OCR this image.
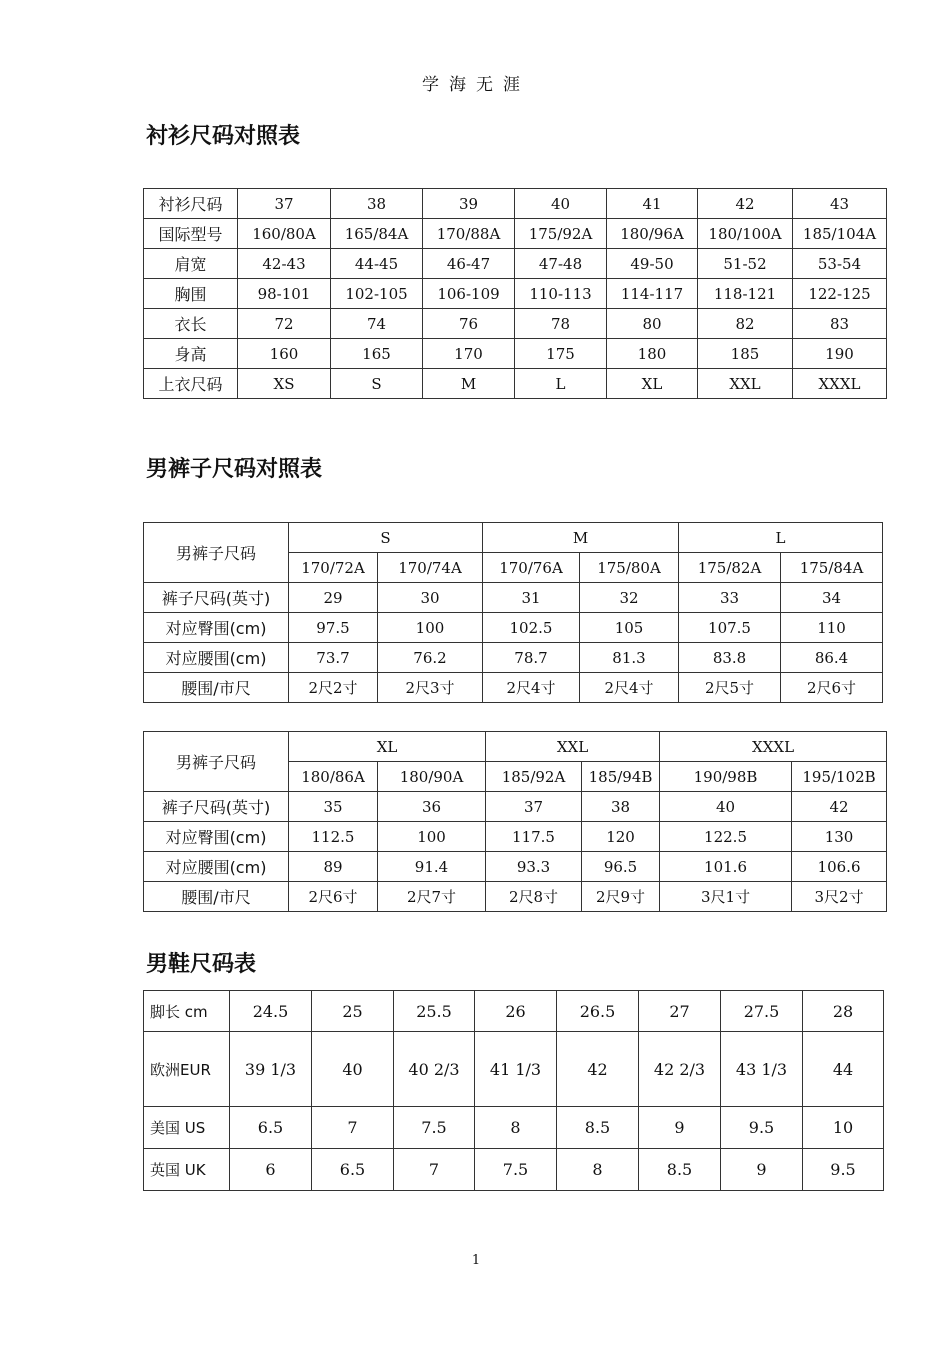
学海无涯
衬衫尺码对照表
衬衫尺码	37	38	39	40	41	42	43
国际型号	160/80A	165/84A	170/88A	175/92A	180/96A	180/100A	185/104A
肩宽	42-43	44-45	46-47	47-48	49-50	51-52	53-54
胸围	98-101	102-105	106-109	110-113	114-117	118-121	122-125
衣长	72	74	76	78	80	82	83
身高	160	165	170	175	180	185	190
上衣尺码	XS	S	M	L	XL	XXL	XXXL
男裤子尺码对照表
男裤子尺码	S		M		L	
	170/72A	170/74A	170/76A	175/80A	175/82A	175/84A
裤子尺码(英寸)	29	30	31	32	33	34
对应臀围(cm)	97.5	100	102.5	105	107.5	110
对应腰围(cm)	73.7	76.2	78.7	81.3	83.8	86.4
腰围/市尺	2尺2寸	2尺3寸	2尺4寸	2尺4寸	2尺5寸	2尺6寸
男裤子尺码	XL		XXL		XXXL	
	180/86A	180/90A	185/92A	185/94B	190/98B	195/102B
裤子尺码(英寸)	35	36	37	38	40	42
对应臀围(cm)	112.5	100	117.5	120	122.5	130
对应腰围(cm)	89	91.4	93.3	96.5	101.6	106.6
腰围/市尺	2尺6寸	2尺7寸	2尺8寸	2尺9寸	3尺1寸	3尺2寸
男鞋尺码表
脚长 cm	24.5	25	25.5	26	26.5	27	27.5	28
欧洲EUR	39 1/3	40	40 2/3	41 1/3	42	42 2/3	43 1/3	44
美国 US	6.5	7	7.5	8	8.5	9	9.5	10
英国 UK	6	6.5	7	7.5	8	8.5	9	9.5
1
